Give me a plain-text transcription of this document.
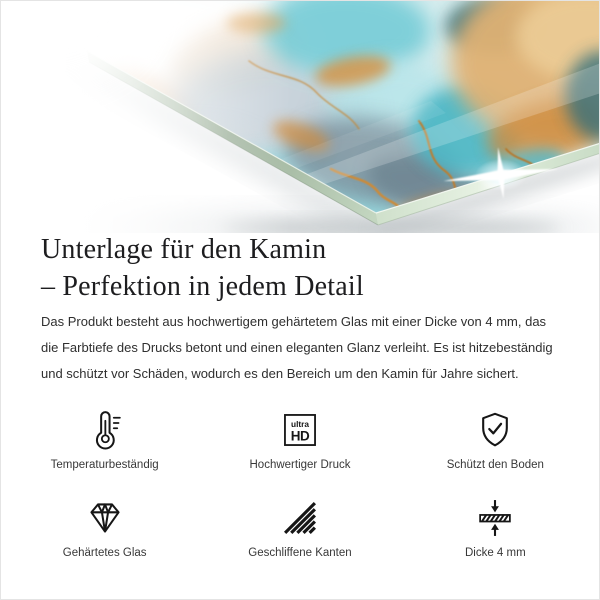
Unterlage für den Kamin
– Perfektion in jedem Detail

Das Produkt besteht aus hochwertigem gehärtetem Glas mit einer Dicke von 4 mm, das die Farbtiefe des Drucks betont und einen eleganten Glanz verleiht. Es ist hitzebeständig und schützt vor Schäden, wodurch es den Bereich um den Kamin für Jahre sichert.

Temperaturbeständig
ultra
HD
Hochwertiger Druck	Schützt den Boden
Gehärtetes Glas	Geschliffene Kanten	Dicke 4 mm
